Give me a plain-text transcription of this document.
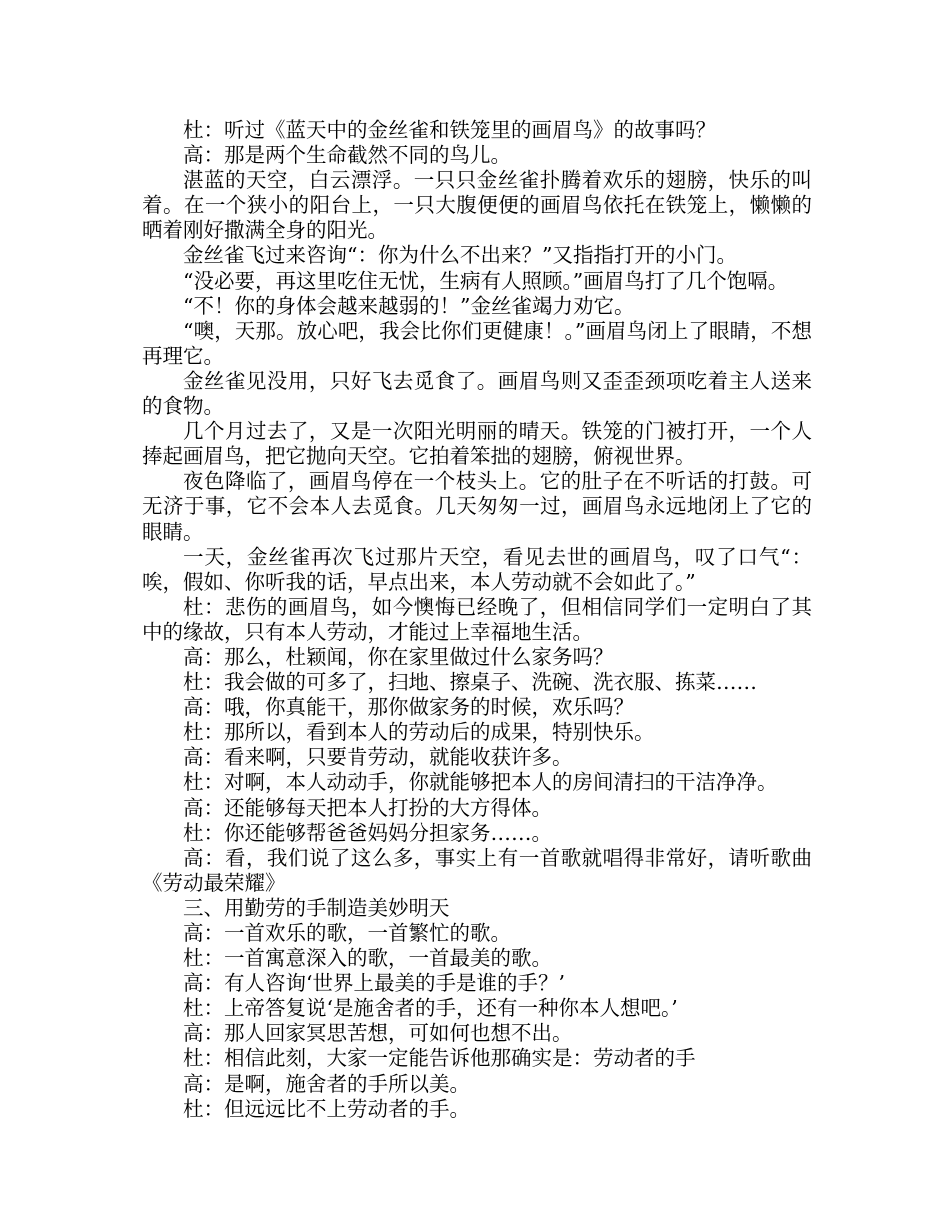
杜：听过《蓝天中的金丝雀和铁笼里的画眉鸟》的故事吗？

高：那是两个生命截然不同的鸟儿。

湛蓝的天空，白云漂浮。一只只金丝雀扑腾着欢乐的翅膀，快乐的叫着。在一个狭小的阳台上，一只大腹便便的画眉鸟依托在铁笼上，懒懒的晒着刚好撒满全身的阳光。

金丝雀飞过来咨询“：你为什么不出来？”又指指打开的小门。

“没必要，再这里吃住无忧，生病有人照顾。”画眉鸟打了几个饱嗝。

“不！你的身体会越来越弱的！”金丝雀竭力劝它。

“噢，天那。放心吧，我会比你们更健康！。”画眉鸟闭上了眼睛，不想再理它。

金丝雀见没用，只好飞去觅食了。画眉鸟则又歪歪颈项吃着主人送来的食物。

几个月过去了，又是一次阳光明丽的晴天。铁笼的门被打开，一个人捧起画眉鸟，把它抛向天空。它拍着笨拙的翅膀，俯视世界。

夜色降临了，画眉鸟停在一个枝头上。它的肚子在不听话的打鼓。可无济于事，它不会本人去觅食。几天匆匆一过，画眉鸟永远地闭上了它的眼睛。

一天，金丝雀再次飞过那片天空，看见去世的画眉鸟，叹了口气“：唉，假如、你听我的话，早点出来，本人劳动就不会如此了。”

杜：悲伤的画眉鸟，如今懊悔已经晚了，但相信同学们一定明白了其中的缘故，只有本人劳动，才能过上幸福地生活。

高：那么，杜颖闻，你在家里做过什么家务吗？

杜：我会做的可多了，扫地、擦桌子、洗碗、洗衣服、拣菜……

高：哦，你真能干，那你做家务的时候，欢乐吗？

杜：那所以，看到本人的劳动后的成果，特别快乐。

高：看来啊，只要肯劳动，就能收获许多。

杜：对啊，本人动动手，你就能够把本人的房间清扫的干洁净净。

高：还能够每天把本人打扮的大方得体。

杜：你还能够帮爸爸妈妈分担家务……。

高：看，我们说了这么多，事实上有一首歌就唱得非常好，请听歌曲《劳动最荣耀》

三、用勤劳的手制造美妙明天

高：一首欢乐的歌，一首繁忙的歌。

杜：一首寓意深入的歌，一首最美的歌。

高：有人咨询‘世界上最美的手是谁的手？’

杜：上帝答复说‘是施舍者的手，还有一种你本人想吧。’

高：那人回家冥思苦想，可如何也想不出。

杜：相信此刻，大家一定能告诉他那确实是：劳动者的手

高：是啊，施舍者的手所以美。

杜：但远远比不上劳动者的手。
